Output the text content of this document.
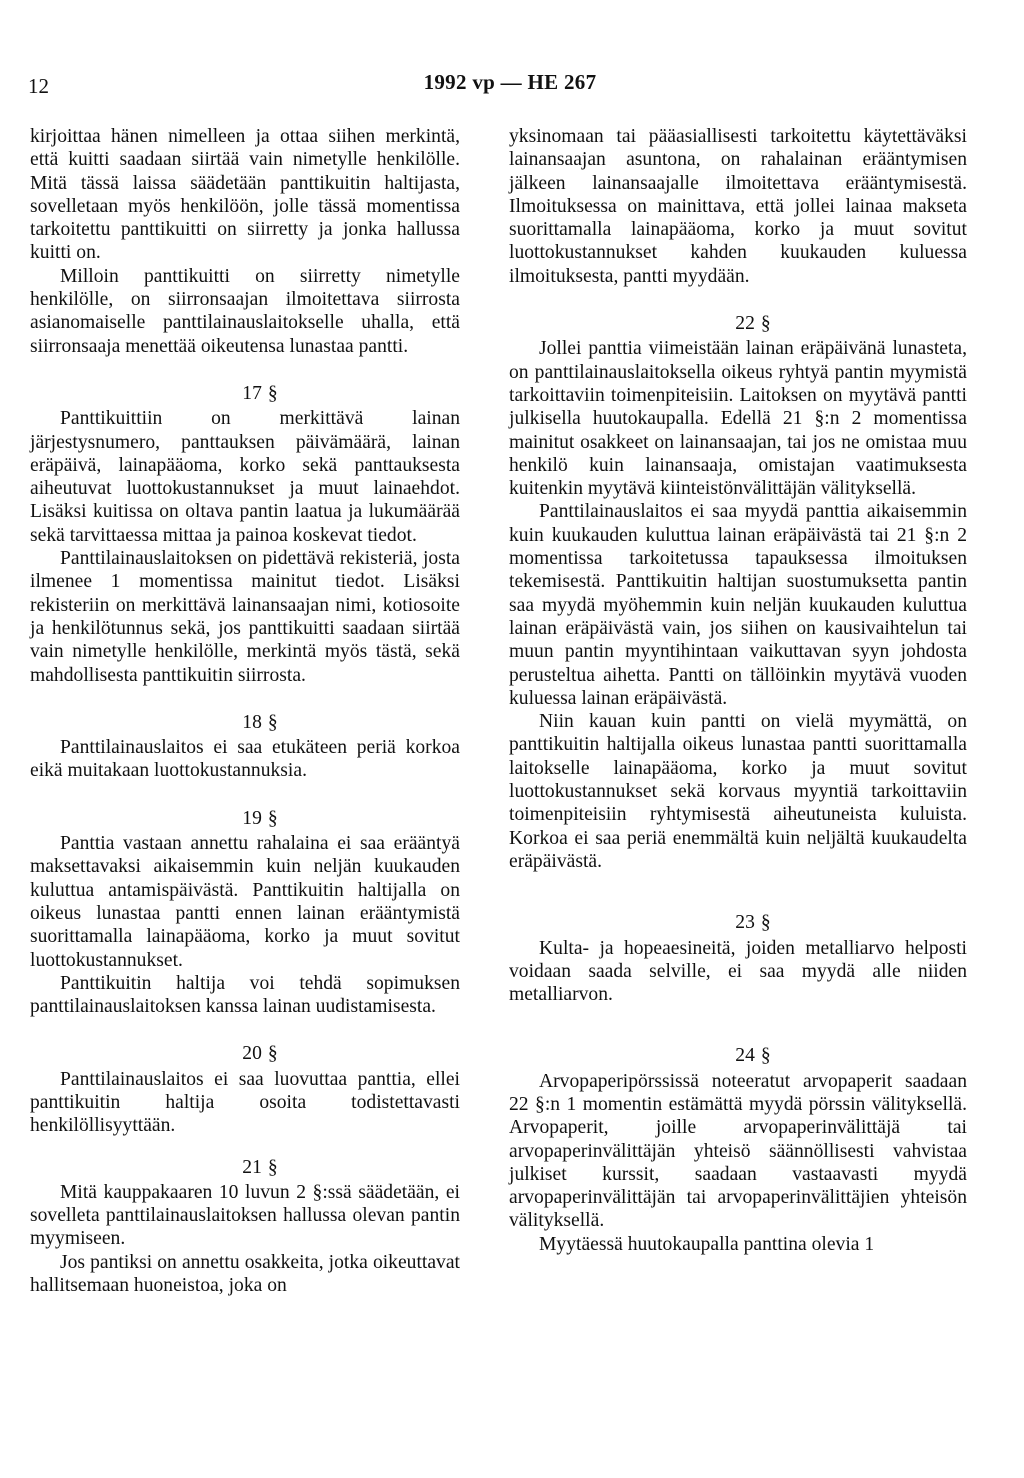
12	1992 vp — HE 267

kirjoittaa hänen nimelleen ja ottaa siihen merkintä, että kuitti saadaan siirtää vain nimetylle henkilölle. Mitä tässä laissa säädetään panttikuitin haltijasta, sovelletaan myös henkilöön, jolle tässä momentissa tarkoitettu panttikuitti on siirretty ja jonka hallussa kuitti on.

Milloin panttikuitti on siirretty nimetylle henkilölle, on siirronsaajan ilmoitettava siirrosta asianomaiselle panttilainauslaitokselle uhalla, että siirronsaaja menettää oikeutensa lunastaa pantti.

17 §

Panttikuittiin on merkittävä lainan järjestysnumero, panttauksen päivämäärä, lainan eräpäivä, lainapääoma, korko sekä panttauksesta aiheutuvat luottokustannukset ja muut lainaehdot. Lisäksi kuitissa on oltava pantin laatua ja lukumäärää sekä tarvittaessa mittaa ja painoa koskevat tiedot.

Panttilainauslaitoksen on pidettävä rekisteriä, josta ilmenee 1 momentissa mainitut tiedot. Lisäksi rekisteriin on merkittävä lainansaajan nimi, kotiosoite ja henkilötunnus sekä, jos panttikuitti saadaan siirtää vain nimetylle henkilölle, merkintä myös tästä, sekä mahdollisesta panttikuitin siirrosta.

18 §

Panttilainauslaitos ei saa etukäteen periä korkoa eikä muitakaan luottokustannuksia.

19 §

Panttia vastaan annettu rahalaina ei saa erääntyä maksettavaksi aikaisemmin kuin neljän kuukauden kuluttua antamispäivästä. Panttikuitin haltijalla on oikeus lunastaa pantti ennen lainan erääntymistä suorittamalla lainapääoma, korko ja muut sovitut luottokustannukset.

Panttikuitin haltija voi tehdä sopimuksen panttilainauslaitoksen kanssa lainan uudistamisesta.

20 §

Panttilainauslaitos ei saa luovuttaa panttia, ellei panttikuitin haltija osoita todistettavasti henkilöllisyyttään.

21 §

Mitä kauppakaaren 10 luvun 2 §:ssä säädetään, ei sovelleta panttilainauslaitoksen hallussa olevan pantin myymiseen.

Jos pantiksi on annettu osakkeita, jotka oikeuttavat hallitsemaan huoneistoa, joka on

yksinomaan tai pääasiallisesti tarkoitettu käytettäväksi lainansaajan asuntona, on rahalainan erääntymisen jälkeen lainansaajalle ilmoitettava erääntymisestä. Ilmoituksessa on mainittava, että jollei lainaa makseta suorittamalla lainapääoma, korko ja muut sovitut luottokustannukset kahden kuukauden kuluessa ilmoituksesta, pantti myydään.

22 §

Jollei panttia viimeistään lainan eräpäivänä lunasteta, on panttilainauslaitoksella oikeus ryhtyä pantin myymistä tarkoittaviin toimenpiteisiin. Laitoksen on myytävä pantti julkisella huutokaupalla. Edellä 21 §:n 2 momentissa mainitut osakkeet on lainansaajan, tai jos ne omistaa muu henkilö kuin lainansaaja, omistajan vaatimuksesta kuitenkin myytävä kiinteistönvälittäjän välityksellä.

Panttilainauslaitos ei saa myydä panttia aikaisemmin kuin kuukauden kuluttua lainan eräpäivästä tai 21 §:n 2 momentissa tarkoitetussa tapauksessa ilmoituksen tekemisestä. Panttikuitin haltijan suostumuksetta pantin saa myydä myöhemmin kuin neljän kuukauden kuluttua lainan eräpäivästä vain, jos siihen on kausivaihtelun tai muun pantin myyntihintaan vaikuttavan syyn johdosta perusteltua aihetta. Pantti on tällöinkin myytävä vuoden kuluessa lainan eräpäivästä.

Niin kauan kuin pantti on vielä myymättä, on panttikuitin haltijalla oikeus lunastaa pantti suorittamalla laitokselle lainapääoma, korko ja muut sovitut luottokustannukset sekä korvaus myyntiä tarkoittaviin toimenpiteisiin ryhtymisestä aiheutuneista kuluista. Korkoa ei saa periä enemmältä kuin neljältä kuukaudelta eräpäivästä.

23 §

Kulta- ja hopeaesineitä, joiden metalliarvo helposti voidaan saada selville, ei saa myydä alle niiden metalliarvon.

24 §

Arvopaperipörssissä noteeratut arvopaperit saadaan 22 §:n 1 momentin estämättä myydä pörssin välityksellä. Arvopaperit, joille arvopaperinvälittäjä tai arvopaperinvälittäjän yhteisö säännöllisesti vahvistaa julkiset kurssit, saadaan vastaavasti myydä arvopaperinvälittäjän tai arvopaperinvälittäjien yhteisön välityksellä.

Myytäessä huutokaupalla panttina olevia 1
